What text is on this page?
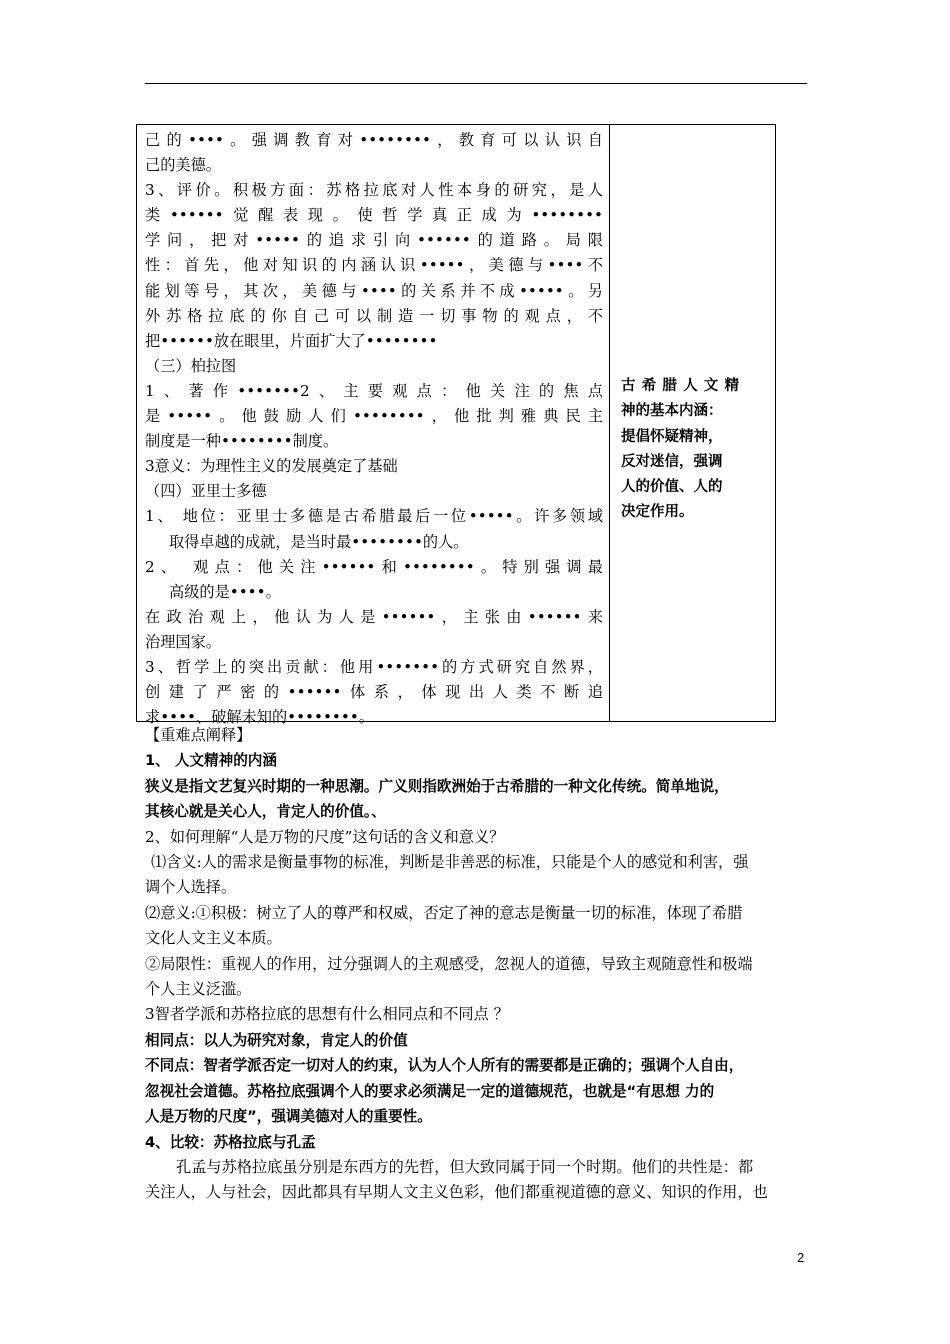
己的••••。强调教育对••••••••，教育可以认识自

己的美德。

3、评价。积极方面：苏格拉底对人性本身的研究，是人

类••••••觉醒表现。使哲学真正成为••••••••

学问，把对•••••的追求引向••••••的道路。局限

性：首先，他对知识的内涵认识•••••，美德与••••不

能划等号，其次，美德与••••的关系并不成•••••。另

外苏格拉底的你自己可以制造一切事物的观点，不

把••••••放在眼里，片面扩大了••••••••

（三）柏拉图

1、著作•••••••2、主要观点：他关注的焦点

是•••••。他鼓励人们••••••••，他批判雅典民主

制度是一种••••••••制度。

3意义：为理性主义的发展奠定了基础

（四）亚里士多德

1、 地位：亚里士多德是古希腊最后一位•••••。许多领域

取得卓越的成就，是当时最••••••••的人。

2、 观点：他关注••••••和••••••••。特别强调最

高级的是••••。

在政治观上，他认为人是••••••，主张由••••••来

治理国家。

3、哲学上的突出贡献：他用•••••••的方式研究自然界，

创建了严密的••••••体系，体现出人类不断追

求••••、破解未知的••••••••。

古希腊人文精
神的基本内涵：
提倡怀疑精神，
反对迷信，强调
人的价值、人的
决定作用。

【重难点阐释】

1、 人文精神的内涵

狭义是指文艺复兴时期的一种思潮。广义则指欧洲始于古希腊的一种文化传统。简单地说，

其核心就是关心人，肯定人的价值。、

2、如何理解“人是万物的尺度”这句话的含义和意义？

⑴含义:人的需求是衡量事物的标准，判断是非善恶的标准，只能是个人的感觉和利害，强

调个人选择。

⑵意义:①积极：树立了人的尊严和权威，否定了神的意志是衡量一切的标准，体现了希腊

文化人文主义本质。

②局限性：重视人的作用，过分强调人的主观感受，忽视人的道德，导致主观随意性和极端

个人主义泛滥。

3智者学派和苏格拉底的思想有什么相同点和不同点 ？

相同点：以人为研究对象，肯定人的价值

不同点：智者学派否定一切对人的约束，认为人个人所有的需要都是正确的；强调个人自由，

忽视社会道德。苏格拉底强调个人的要求必须满足一定的道德规范，也就是“有思想 力的

人是万物的尺度”，强调美德对人的重要性。

4、比较：苏格拉底与孔孟

孔孟与苏格拉底虽分别是东西方的先哲，但大致同属于同一个时期。他们的共性是：都

关注人，人与社会，因此都具有早期人文主义色彩，他们都重视道德的意义、知识的作用，也

2
